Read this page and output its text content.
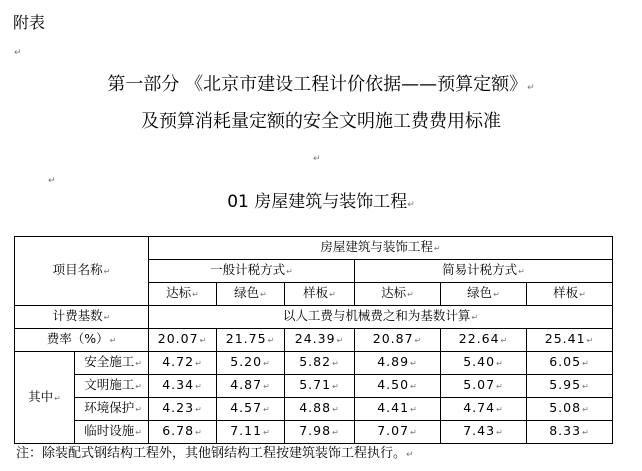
附表
↵
第一部分 《北京市建设工程计价依据——预算定额》↵
及预算消耗量定额的安全文明施工费费用标准
↵
↵
01 房屋建筑与装饰工程↵
项目名称↵		房屋建筑与装饰工程↵					
		一般计税方式↵			简易计税方式↵		
		达标↵	绿色↵	样板↵	达标↵	绿色↵	样板↵
计费基数↵		以人工费与机械费之和为基数计算↵					
费率（%）↵		20.07↵	21.75↵	24.39↵	20.87↵	22.64↵	25.41↵
其中↵	安全施工↵	4.72↵	5.20↵	5.82↵	4.89↵	5.40↵	6.05↵
	文明施工↵	4.34↵	4.87↵	5.71↵	4.50↵	5.07↵	5.95↵
	环境保护↵	4.23↵	4.57↵	4.88↵	4.41↵	4.74↵	5.08↵
	临时设施↵	6.78↵	7.11↵	7.98↵	7.07↵	7.43↵	8.33↵
注：除装配式钢结构工程外，其他钢结构工程按建筑装饰工程执行。↵
